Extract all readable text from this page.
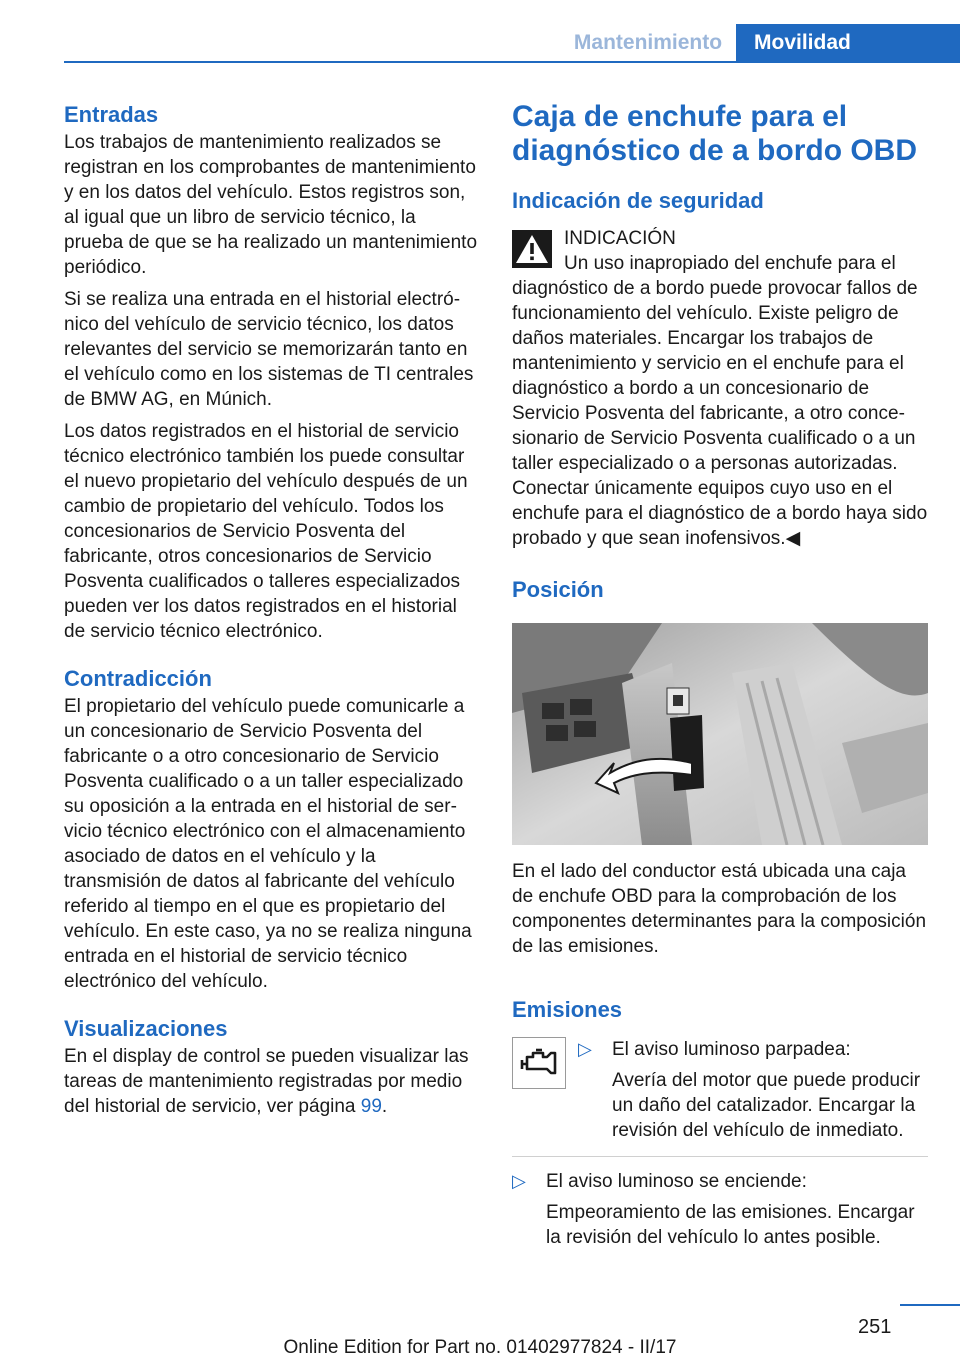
Mantenimiento	Movilidad
Entradas

Los trabajos de mantenimiento realizados se registran en los comprobantes de mantenimiento y en los datos del vehículo. Estos registros son, al igual que un libro de servicio técnico, la prueba de que se ha realizado un mantenimiento periódico.

Si se realiza una entrada en el historial electrónico del vehículo de servicio técnico, los datos relevantes del servicio se memorizarán tanto en el vehículo como en los sistemas de TI centrales de BMW AG, en Múnich.

Los datos registrados en el historial de servicio técnico electrónico también los puede consultar el nuevo propietario del vehículo después de un cambio de propietario del vehículo. Todos los concesionarios de Servicio Posventa del fabricante, otros concesionarios de Servicio Posventa cualificados o talleres especializados pueden ver los datos registrados en el historial de servicio técnico electrónico.

Contradicción

El propietario del vehículo puede comunicarle a un concesionario de Servicio Posventa del fabricante o a otro concesionario de Servicio Posventa cualificado o a un taller especializado su oposición a la entrada en el historial de servicio técnico electrónico con el almacenamiento asociado de datos en el vehículo y la transmisión de datos al fabricante del vehículo referido al tiempo en el que es propietario del vehículo. En este caso, ya no se realiza ninguna entrada en el historial de servicio técnico electrónico del vehículo.

Visualizaciones

En el display de control se pueden visualizar las tareas de mantenimiento registradas por medio del historial de servicio, ver página 99.

Caja de enchufe para el diagnóstico de a bordo OBD
Indicación de seguridad
INDICACIÓN

Un uso inapropiado del enchufe para el diagnóstico de a bordo puede provocar fallos de funcionamiento del vehículo. Existe peligro de daños materiales. Encargar los trabajos de mantenimiento y servicio en el enchufe para el diagnóstico a bordo a un concesionario de Servicio Posventa del fabricante, a otro concesionario de Servicio Posventa cualificado o a un taller especializado o a personas autorizadas. Conectar únicamente equipos cuyo uso en el enchufe para el diagnóstico de a bordo haya sido probado y que sean inofensivos.◀

Posición

En el lado del conductor está ubicada una caja de enchufe OBD para la comprobación de los componentes determinantes para la composición de las emisiones.

Emisiones
▷ El aviso luminoso parpadea:
Avería del motor que puede producir un daño del catalizador. Encargar la revisión del vehículo de inmediato.
▷ El aviso luminoso se enciende:
Empeoramiento de las emisiones. Encargar la revisión del vehículo lo antes posible.
251
Online Edition for Part no. 01402977824 - II/17
